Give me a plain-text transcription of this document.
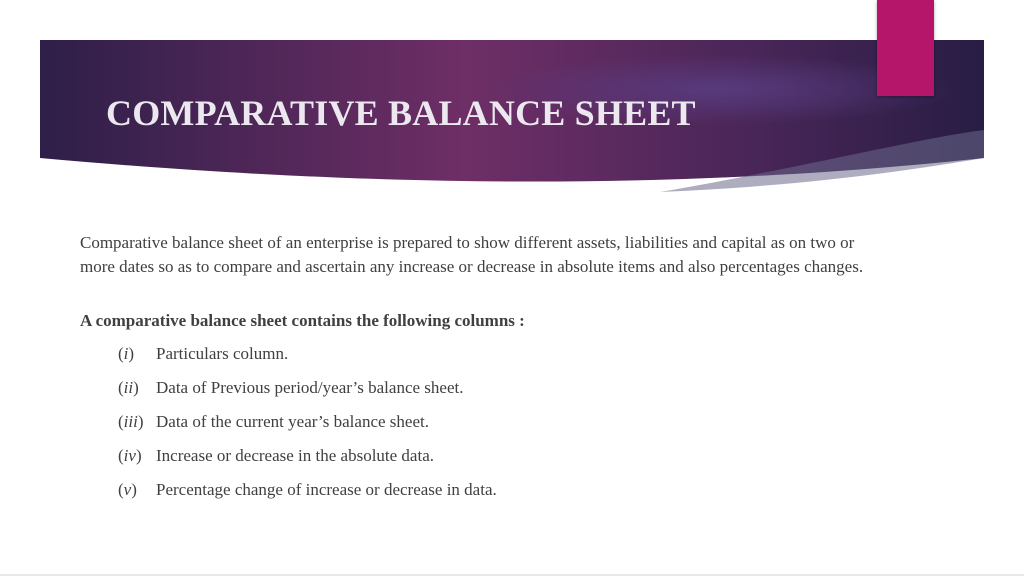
COMPARATIVE BALANCE SHEET

Comparative balance sheet of an enterprise is prepared to show different assets, liabilities and capital as on two or more dates so as to compare and ascertain any increase or decrease in absolute items and also percentages changes.

A comparative balance sheet contains the following columns :
(i)	Particulars column.
(ii)	Data of Previous period/year’s balance sheet.
(iii) Data of the current year’s balance sheet.
(iv) Increase or decrease in the absolute data.
(v)	Percentage change of increase or decrease in data.
